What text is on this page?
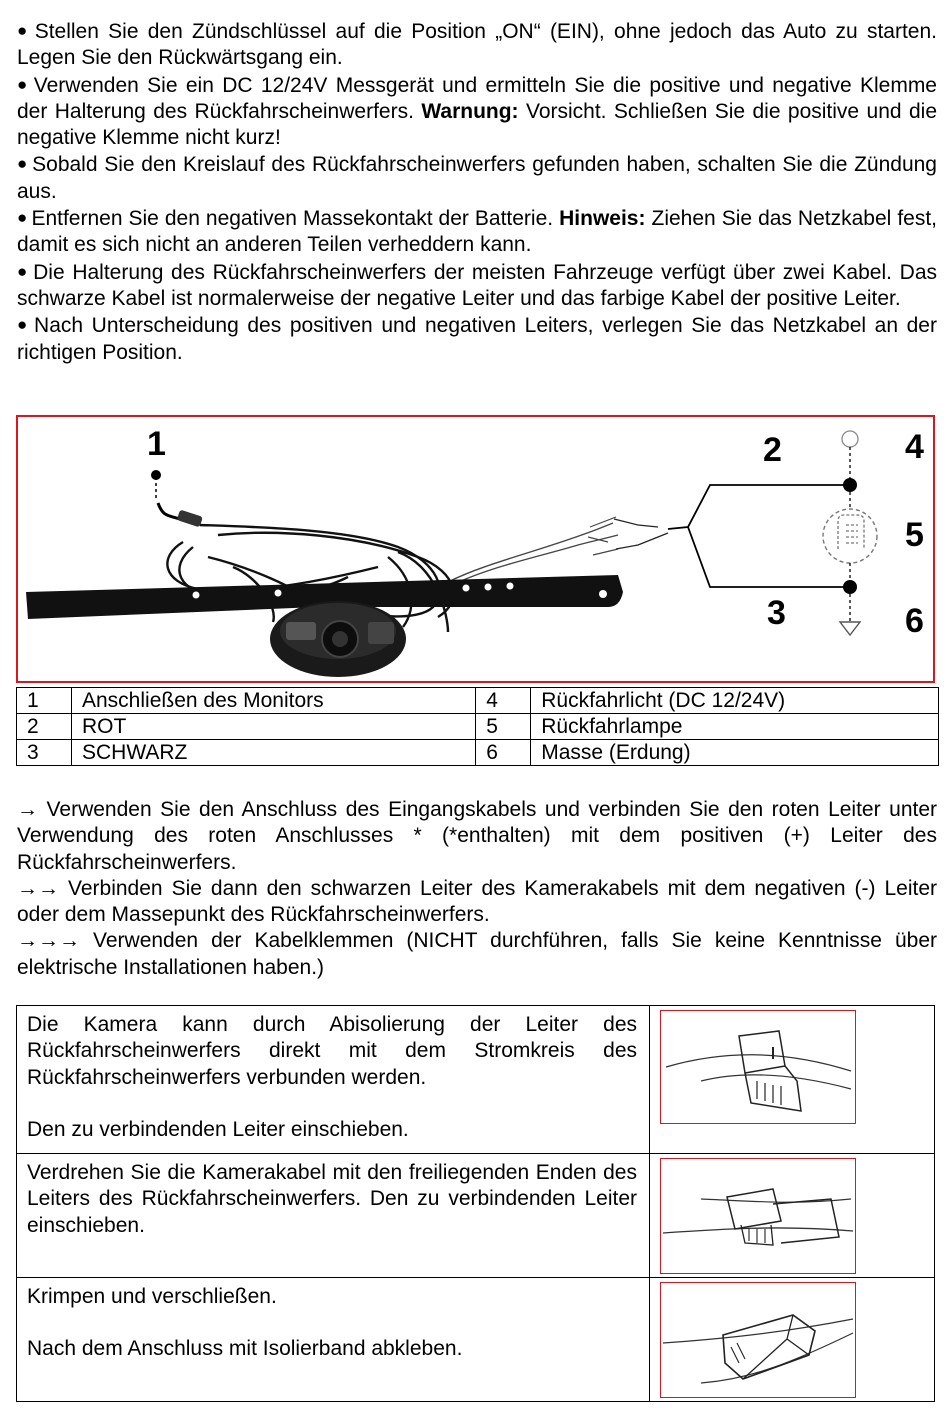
● Stellen Sie den Zündschlüssel auf die Position „ON“ (EIN), ohne jedoch das Auto zu starten. Legen Sie den Rückwärtsgang ein.

● Verwenden Sie ein DC 12/24V Messgerät und ermitteln Sie die positive und negative Klemme der Halterung des Rückfahrscheinwerfers. Warnung: Vorsicht. Schließen Sie die positive und die negative Klemme nicht kurz!

● Sobald Sie den Kreislauf des Rückfahrscheinwerfers gefunden haben, schalten Sie die Zündung aus.

● Entfernen Sie den negativen Massekontakt der Batterie. Hinweis: Ziehen Sie das Netzkabel fest, damit es sich nicht an anderen Teilen verheddern kann.

● Die Halterung des Rückfahrscheinwerfers der meisten Fahrzeuge verfügt über zwei Kabel. Das schwarze Kabel ist normalerweise der negative Leiter und das farbige Kabel der positive Leiter.

● Nach Unterscheidung des positiven und negativen Leiters, verlegen Sie das Netzkabel an der richtigen Position.

1	2
3
4
5
6
1	Anschließen des Monitors	4	Rückfahrlicht (DC 12/24V)
2	ROT	5	Rückfahrlampe
3	SCHWARZ	6	Masse (Erdung)

→ Verwenden Sie den Anschluss des Eingangskabels und verbinden Sie den roten Leiter unter Verwendung des roten Anschlusses * (*enthalten) mit dem positiven (+) Leiter des Rückfahrscheinwerfers.

→→ Verbinden Sie dann den schwarzen Leiter des Kamerakabels mit dem negativen (-) Leiter oder dem Massepunkt des Rückfahrscheinwerfers.

→→→ Verwenden der Kabelklemmen (NICHT durchführen, falls Sie keine Kenntnisse über elektrische Installationen haben.)

Die Kamera kann durch Abisolierung der Leiter des Rückfahrscheinwerfers direkt mit dem Stromkreis des Rückfahrscheinwerfers verbunden werden.

Den zu verbindenden Leiter einschieben.

Verdrehen Sie die Kamerakabel mit den freiliegenden Enden des Leiters des Rückfahrscheinwerfers. Den zu verbindenden Leiter einschieben.

Krimpen und verschließen.

Nach dem Anschluss mit Isolierband abkleben.
